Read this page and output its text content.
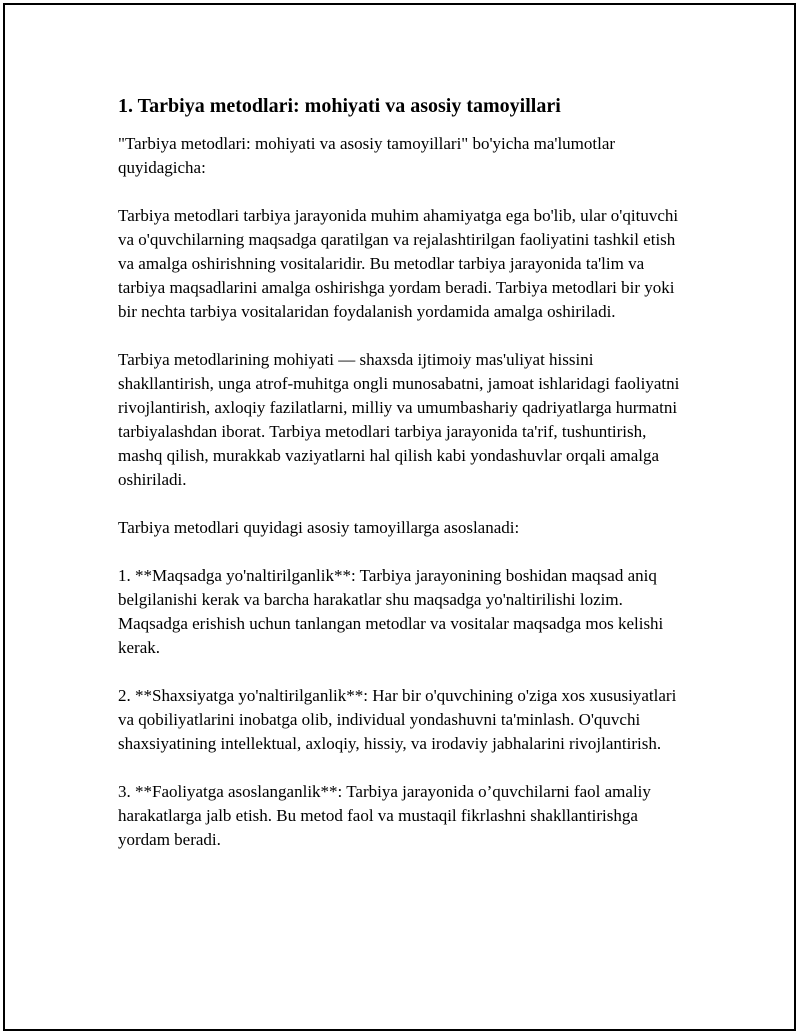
1. Tarbiya metodlari: mohiyati va asosiy tamoyillari

"Tarbiya metodlari: mohiyati va asosiy tamoyillari" bo'yicha ma'lumotlar quyidagicha:

Tarbiya metodlari tarbiya jarayonida muhim ahamiyatga ega bo'lib, ular o'qituvchi va o'quvchilarning maqsadga qaratilgan va rejalashtirilgan faoliyatini tashkil etish va amalga oshirishning vositalaridir. Bu metodlar tarbiya jarayonida ta'lim va tarbiya maqsadlarini amalga oshirishga yordam beradi. Tarbiya metodlari bir yoki bir nechta tarbiya vositalaridan foydalanish yordamida amalga oshiriladi.

Tarbiya metodlarining mohiyati — shaxsda ijtimoiy mas'uliyat hissini shakllantirish, unga atrof-muhitga ongli munosabatni, jamoat ishlaridagi faoliyatni rivojlantirish, axloqiy fazilatlarni, milliy va umumbashariy qadriyatlarga hurmatni tarbiyalashdan iborat. Tarbiya metodlari tarbiya jarayonida ta'rif, tushuntirish, mashq qilish, murakkab vaziyatlarni hal qilish kabi yondashuvlar orqali amalga oshiriladi.

Tarbiya metodlari quyidagi asosiy tamoyillarga asoslanadi:

1. **Maqsadga yo'naltirilganlik**: Tarbiya jarayonining boshidan maqsad aniq belgilanishi kerak va barcha harakatlar shu maqsadga yo'naltirilishi lozim. Maqsadga erishish uchun tanlangan metodlar va vositalar maqsadga mos kelishi kerak.

2. **Shaxsiyatga yo'naltirilganlik**: Har bir o'quvchining o'ziga xos xususiyatlari va qobiliyatlarini inobatga olib, individual yondashuvni ta'minlash. O'quvchi shaxsiyatining intellektual, axloqiy, hissiy, va irodaviy jabhalarini rivojlantirish.

3. **Faoliyatga asoslanganlik**: Tarbiya jarayonida o’quvchilarni faol amaliy harakatlarga jalb etish. Bu metod faol va mustaqil fikrlashni shakllantirishga yordam beradi.
